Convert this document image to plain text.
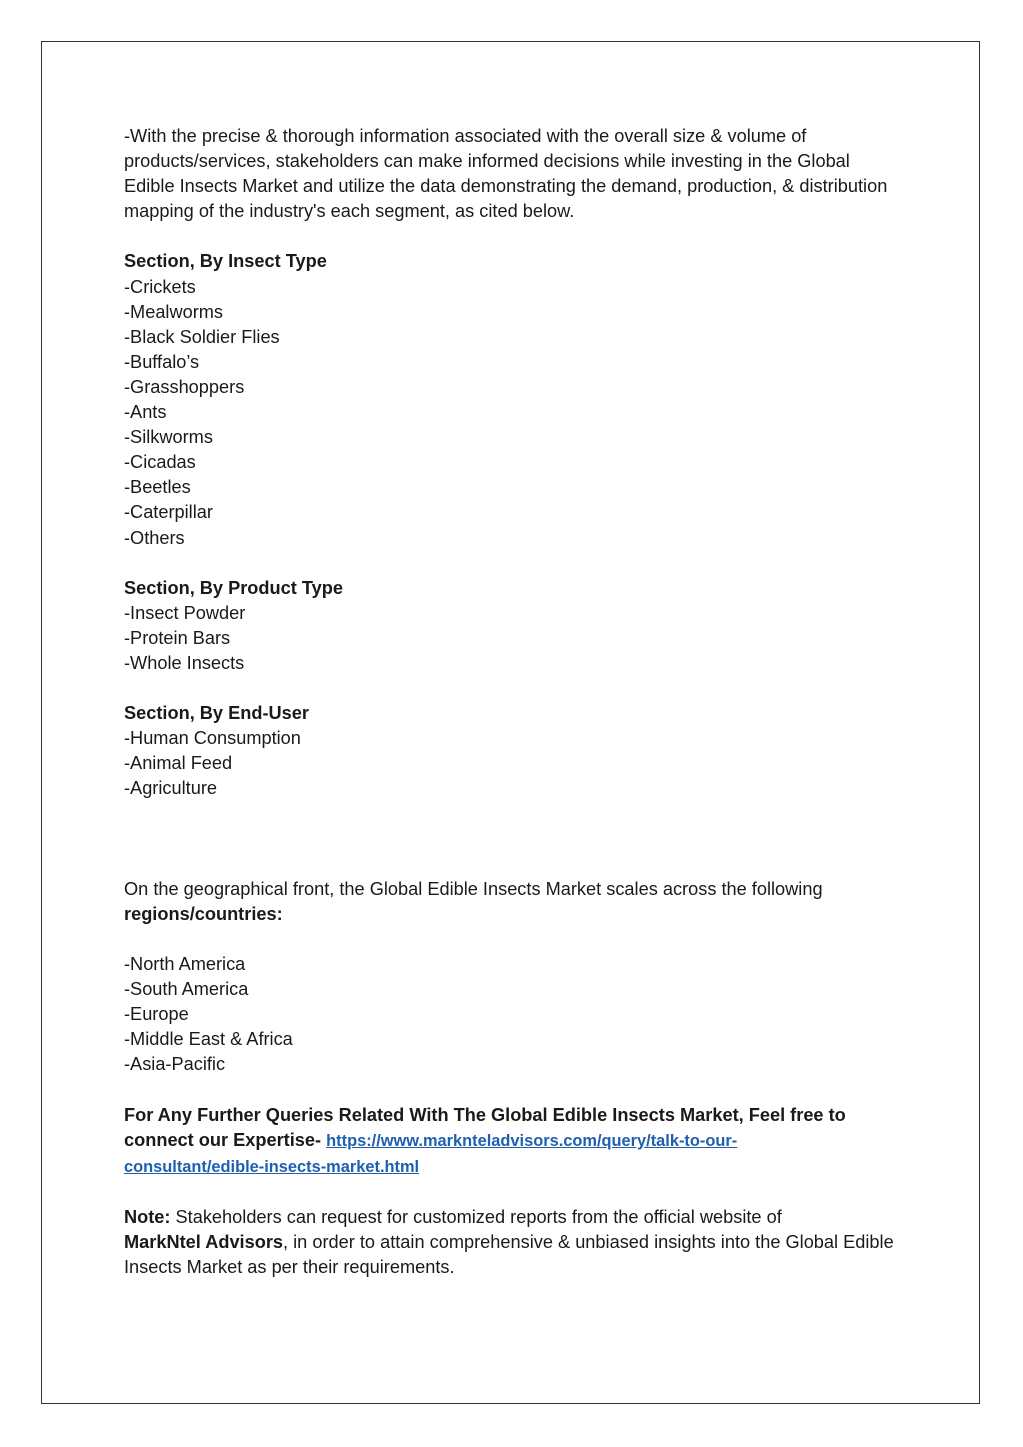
-With the precise & thorough information associated with the overall size & volume of products/services, stakeholders can make informed decisions while investing in the Global Edible Insects Market and utilize the data demonstrating the demand, production, & distribution mapping of the industry's each segment, as cited below.

Section, By Insect Type

-Crickets

-Mealworms

-Black Soldier Flies

-Buffalo’s

-Grasshoppers

-Ants

-Silkworms

-Cicadas

-Beetles

-Caterpillar

-Others

Section, By Product Type

-Insect Powder

-Protein Bars

-Whole Insects

Section, By End-User

-Human Consumption

-Animal Feed

-Agriculture

On the geographical front, the Global Edible Insects Market scales across the following
regions/countries:

-North America

-South America

-Europe

-Middle East & Africa

-Asia-Pacific

For Any Further Queries Related With The Global Edible Insects Market, Feel free to connect our Expertise- https://www.marknteladvisors.com/query/talk-to-our-
consultant/edible-insects-market.html

Note: Stakeholders can request for customized reports from the official website of
MarkNtel Advisors, in order to attain comprehensive & unbiased insights into the Global Edible Insects Market as per their requirements.
